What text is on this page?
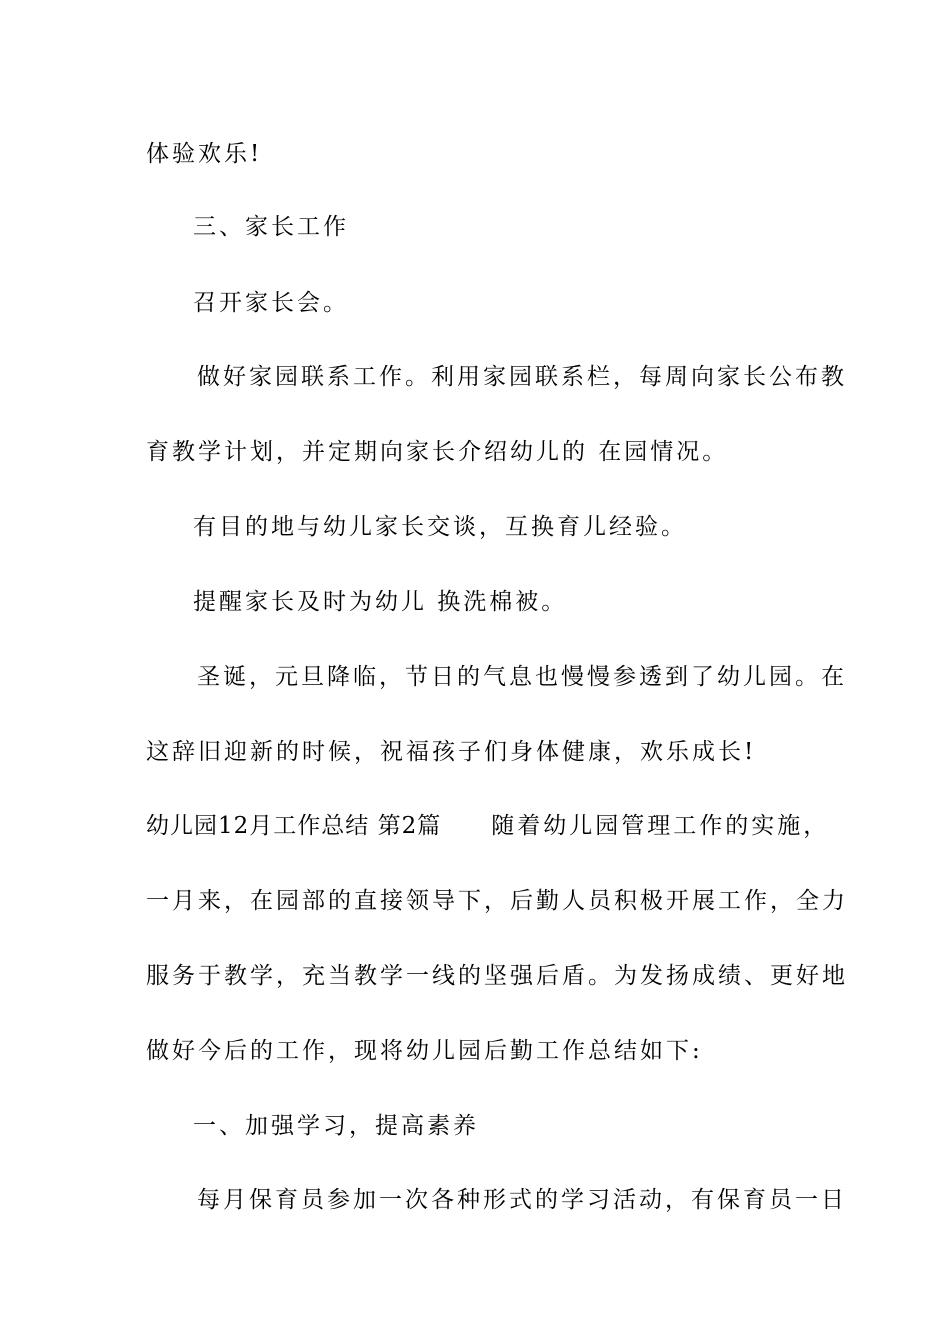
体验欢乐!
三、家长工作
召开家长会。
做好家园联系工作。利用家园联系栏，每周向家长公布教
育教学计划，并定期向家长介绍幼儿的 在园情况。
有目的地与幼儿家长交谈，互换育儿经验。
提醒家长及时为幼儿 换洗棉被。
圣诞，元旦降临，节日的气息也慢慢参透到了幼儿园。在
这辞旧迎新的时候，祝福孩子们身体健康，欢乐成长!
幼儿园12月工作总结 第2篇 随着幼儿园管理工作的实施，
一月来，在园部的直接领导下，后勤人员积极开展工作，全力
服务于教学，充当教学一线的坚强后盾。为发扬成绩、更好地
做好今后的工作，现将幼儿园后勤工作总结如下:
一、加强学习，提高素养
每月保育员参加一次各种形式的学习活动，有保育员一日
